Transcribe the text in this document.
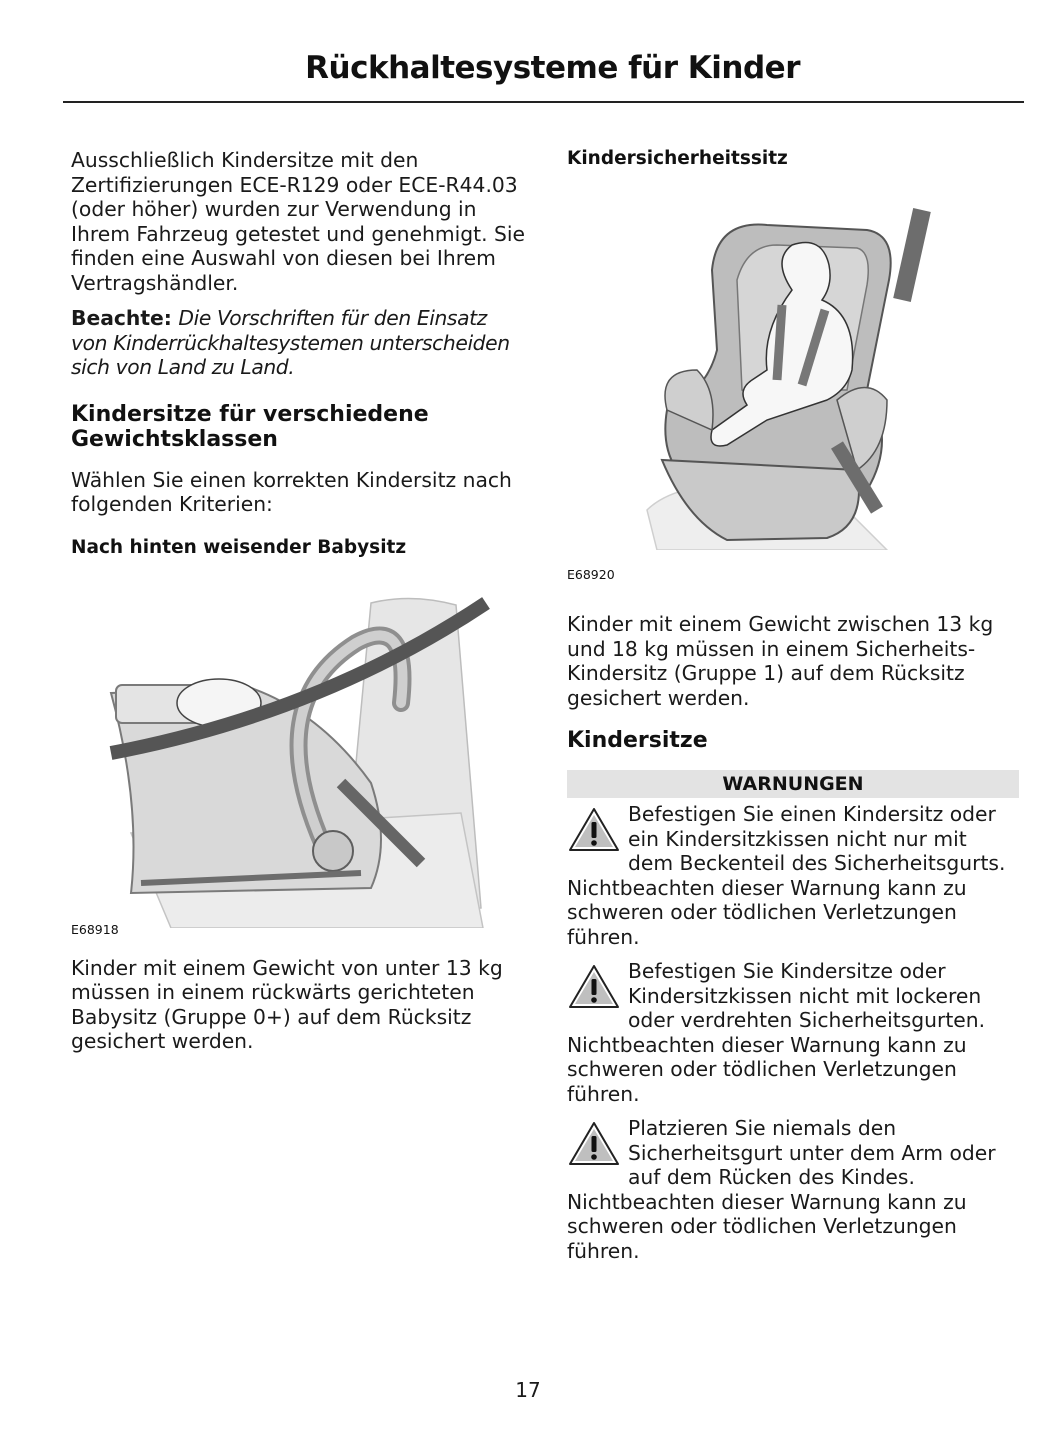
Rückhaltesysteme für Kinder

Ausschließlich Kindersitze mit den Zertifizierungen ECE-R129 oder ECE-R44.03 (oder höher) wurden zur Verwendung in Ihrem Fahrzeug getestet und genehmigt. Sie finden eine Auswahl von diesen bei Ihrem Vertragshändler.

Beachte: Die Vorschriften für den Einsatz von Kinderrückhaltesystemen unterscheiden sich von Land zu Land.

Kindersitze für verschiedene Gewichtsklassen

Wählen Sie einen korrekten Kindersitz nach folgenden Kriterien:

Nach hinten weisender Babysitz

E68918

Kinder mit einem Gewicht von unter 13 kg müssen in einem rückwärts gerichteten Babysitz (Gruppe 0+) auf dem Rücksitz gesichert werden.

Kindersicherheitssitz

E68920

Kinder mit einem Gewicht zwischen 13 kg und 18 kg müssen in einem Sicherheits-Kindersitz (Gruppe 1) auf dem Rücksitz gesichert werden.

Kindersitze

WARNUNGEN

Befestigen Sie einen Kindersitz oder

ein Kindersitzkissen nicht nur mit

dem Beckenteil des Sicherheitsgurts.

Nichtbeachten dieser Warnung kann zu schweren oder tödlichen Verletzungen führen.

Befestigen Sie Kindersitze oder

Kindersitzkissen nicht mit lockeren

oder verdrehten Sicherheitsgurten.

Nichtbeachten dieser Warnung kann zu schweren oder tödlichen Verletzungen führen.

Platzieren Sie niemals den

Sicherheitsgurt unter dem Arm oder

auf dem Rücken des Kindes.

Nichtbeachten dieser Warnung kann zu schweren oder tödlichen Verletzungen führen.

17
